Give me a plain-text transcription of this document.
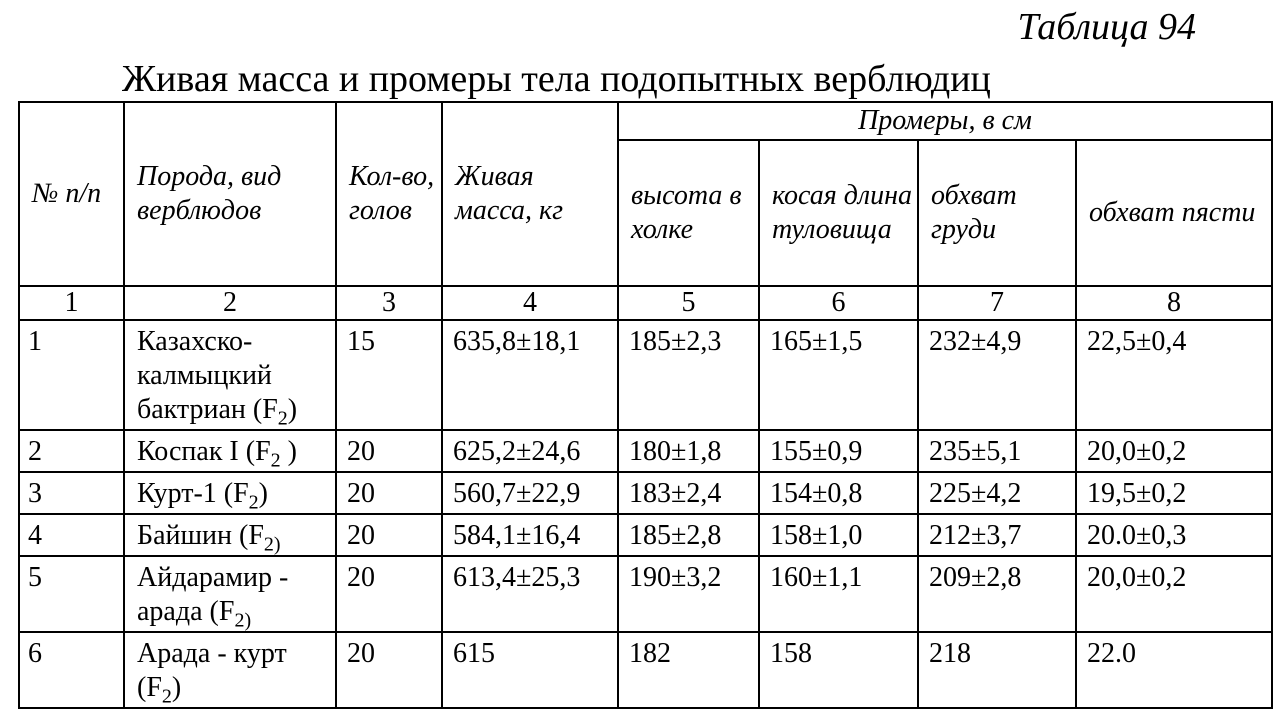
Таблица 94
Живая масса и промеры тела подопытных верблюдиц
№ п/п	Порода, вид верблюдов	Кол-во, голов	Живая масса, кг	Промеры, в см			
				высота в холке	косая длина туловища	обхват груди	обхват пясти
1	2	3	4	5	6	7	8
1	Казахско-калмыцкий бактриан $(F_2)$	15	635,8±18,1	185±2,3	165±1,5	232±4,9	22,5±0,4
2	Коспак I ($F_2$ )	20	625,2±24,6	180±1,8	155±0,9	235±5,1	20,0±0,2
3	Курт-1 $(F_2)$	20	560,7±22,9	183±2,4	154±0,8	225±4,2	19,5±0,2
4	Байшин ($F_{2)}$	20	584,1±16,4	185±2,8	158±1,0	212±3,7	20.0±0,3
5	Айдарамир - арада ($F_{2)}$	20	613,4±25,3	190±3,2	160±1,1	209±2,8	20,0±0,2
6	Арада - курт $(F_2)$	20	615	182	158	218	22.0
